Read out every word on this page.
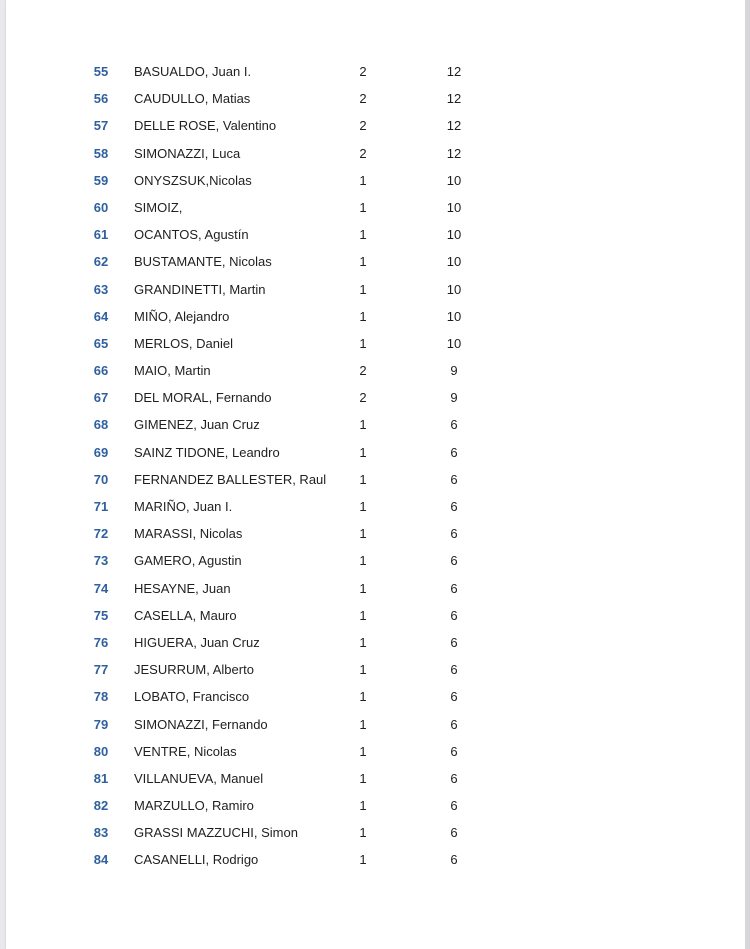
55 BASUALDO, Juan I.	2	12
56 CAUDULLO, Matias	2	12
57 DELLE ROSE, Valentino	2	12
58 SIMONAZZI, Luca	2	12
59 ONYSZSUK,Nicolas	1	10
60 SIMOIZ,	1	10
61 OCANTOS, Agustín	1	10
62 BUSTAMANTE, Nicolas	1	10
63 GRANDINETTI, Martin	1	10
64 MIÑO, Alejandro	1	10
65 MERLOS, Daniel	1	10
66 MAIO, Martin	2	9
67 DEL MORAL, Fernando	2	9
68 GIMENEZ, Juan Cruz	1	6
69 SAINZ TIDONE, Leandro	1	6
70 FERNANDEZ BALLESTER, Raul	1	6
71 MARIÑO, Juan I.	1	6
72 MARASSI, Nicolas	1	6
73 GAMERO, Agustin	1	6
74 HESAYNE, Juan	1	6
75 CASELLA, Mauro	1	6
76 HIGUERA, Juan Cruz	1	6
77 JESURRUM, Alberto	1	6
78 LOBATO, Francisco	1	6
79 SIMONAZZI, Fernando	1	6
80 VENTRE, Nicolas	1	6
81 VILLANUEVA, Manuel	1	6
82 MARZULLO, Ramiro	1	6
83 GRASSI MAZZUCHI, Simon	1	6
84 CASANELLI, Rodrigo	1	6
